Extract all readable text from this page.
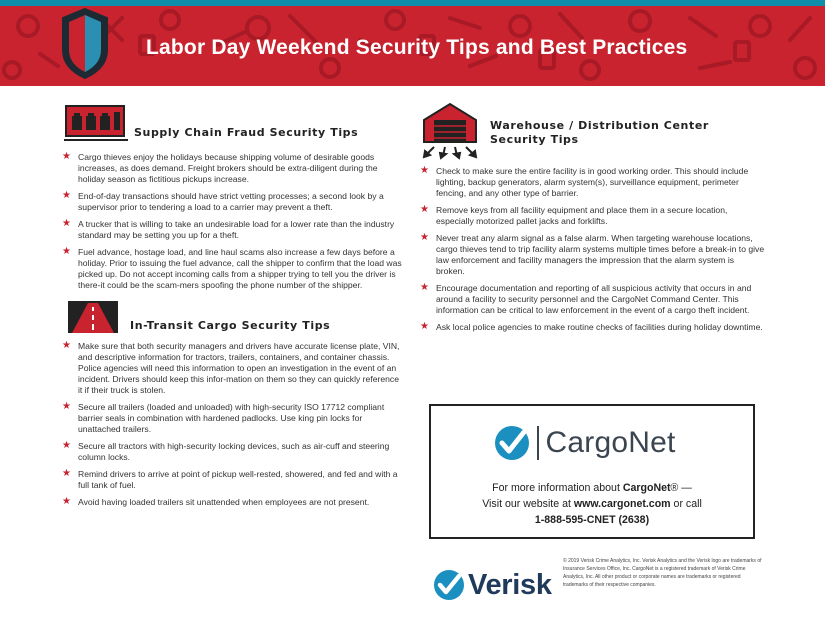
Labor Day Weekend Security Tips and Best Practices
Supply Chain Fraud Security Tips
★ Cargo thieves enjoy the holidays because shipping volume of desirable goods increases, as does demand. Freight brokers should be extra-diligent during the holiday season as fictitious pickups increase.
★ End-of-day transactions should have strict vetting processes; a second look by a supervisor prior to tendering a load to a carrier may prevent a theft.
★ A trucker that is willing to take an undesirable load for a lower rate than the industry standard may be setting you up for a theft.
★ Fuel advance, hostage load, and line haul scams also increase a few days before a holiday. Prior to issuing the fuel advance, call the shipper to confirm that the load was picked up. Do not accept incoming calls from a shipper trying to tell you the driver is there-it could be the scam-mers spoofing the phone number of the shipper.
In-Transit Cargo Security Tips
★ Make sure that both security managers and drivers have accurate license plate, VIN, and descriptive information for tractors, trailers, containers, and container chassis. Police agencies will need this information to open an investigation in the event of an incident. Drivers should keep this infor-mation on them so they can quickly reference it if their truck is stolen.
★ Secure all trailers (loaded and unloaded) with high-security ISO 17712 compliant barrier seals in combination with hardened padlocks. Use king pin locks for unattached trailers.
★ Secure all tractors with high-security locking devices, such as air-cuff and steering column locks.
★ Remind drivers to arrive at point of pickup well-rested, showered, and fed and with a full tank of fuel.
★ Avoid having loaded trailers sit unattended when employees are not present.
Warehouse / Distribution Center
Security Tips
★ Check to make sure the entire facility is in good working order. This should include lighting, backup generators, alarm system(s), surveillance equipment, perimeter fencing, and any other type of barrier.
★ Remove keys from all facility equipment and place them in a secure location, especially motorized pallet jacks and forklifts.
★ Never treat any alarm signal as a false alarm. When targeting warehouse locations, cargo thieves tend to trip facility alarm systems multiple times before a break-in to give law enforcement and facility managers the impression that the alarm system is broken.
★ Encourage documentation and reporting of all suspicious activity that occurs in and around a facility to security personnel and the CargoNet Command Center. This information can be critical to law enforcement in the event of a cargo theft incident.
★ Ask local police agencies to make routine checks of facilities during holiday downtime.
CargoNet
For more information about CargoNet® —
Visit our website at www.cargonet.com or call
1-888-595-CNET (2638)
Verisk
© 2019 Verisk Crime Analytics, Inc. Verisk Analytics and the Verisk logo are trademarks of Insurance Services Office, Inc. CargoNet is a registered trademark of Verisk Crime Analytics, Inc. All other product or corporate names are trademarks or registered trademarks of their respective companies.
